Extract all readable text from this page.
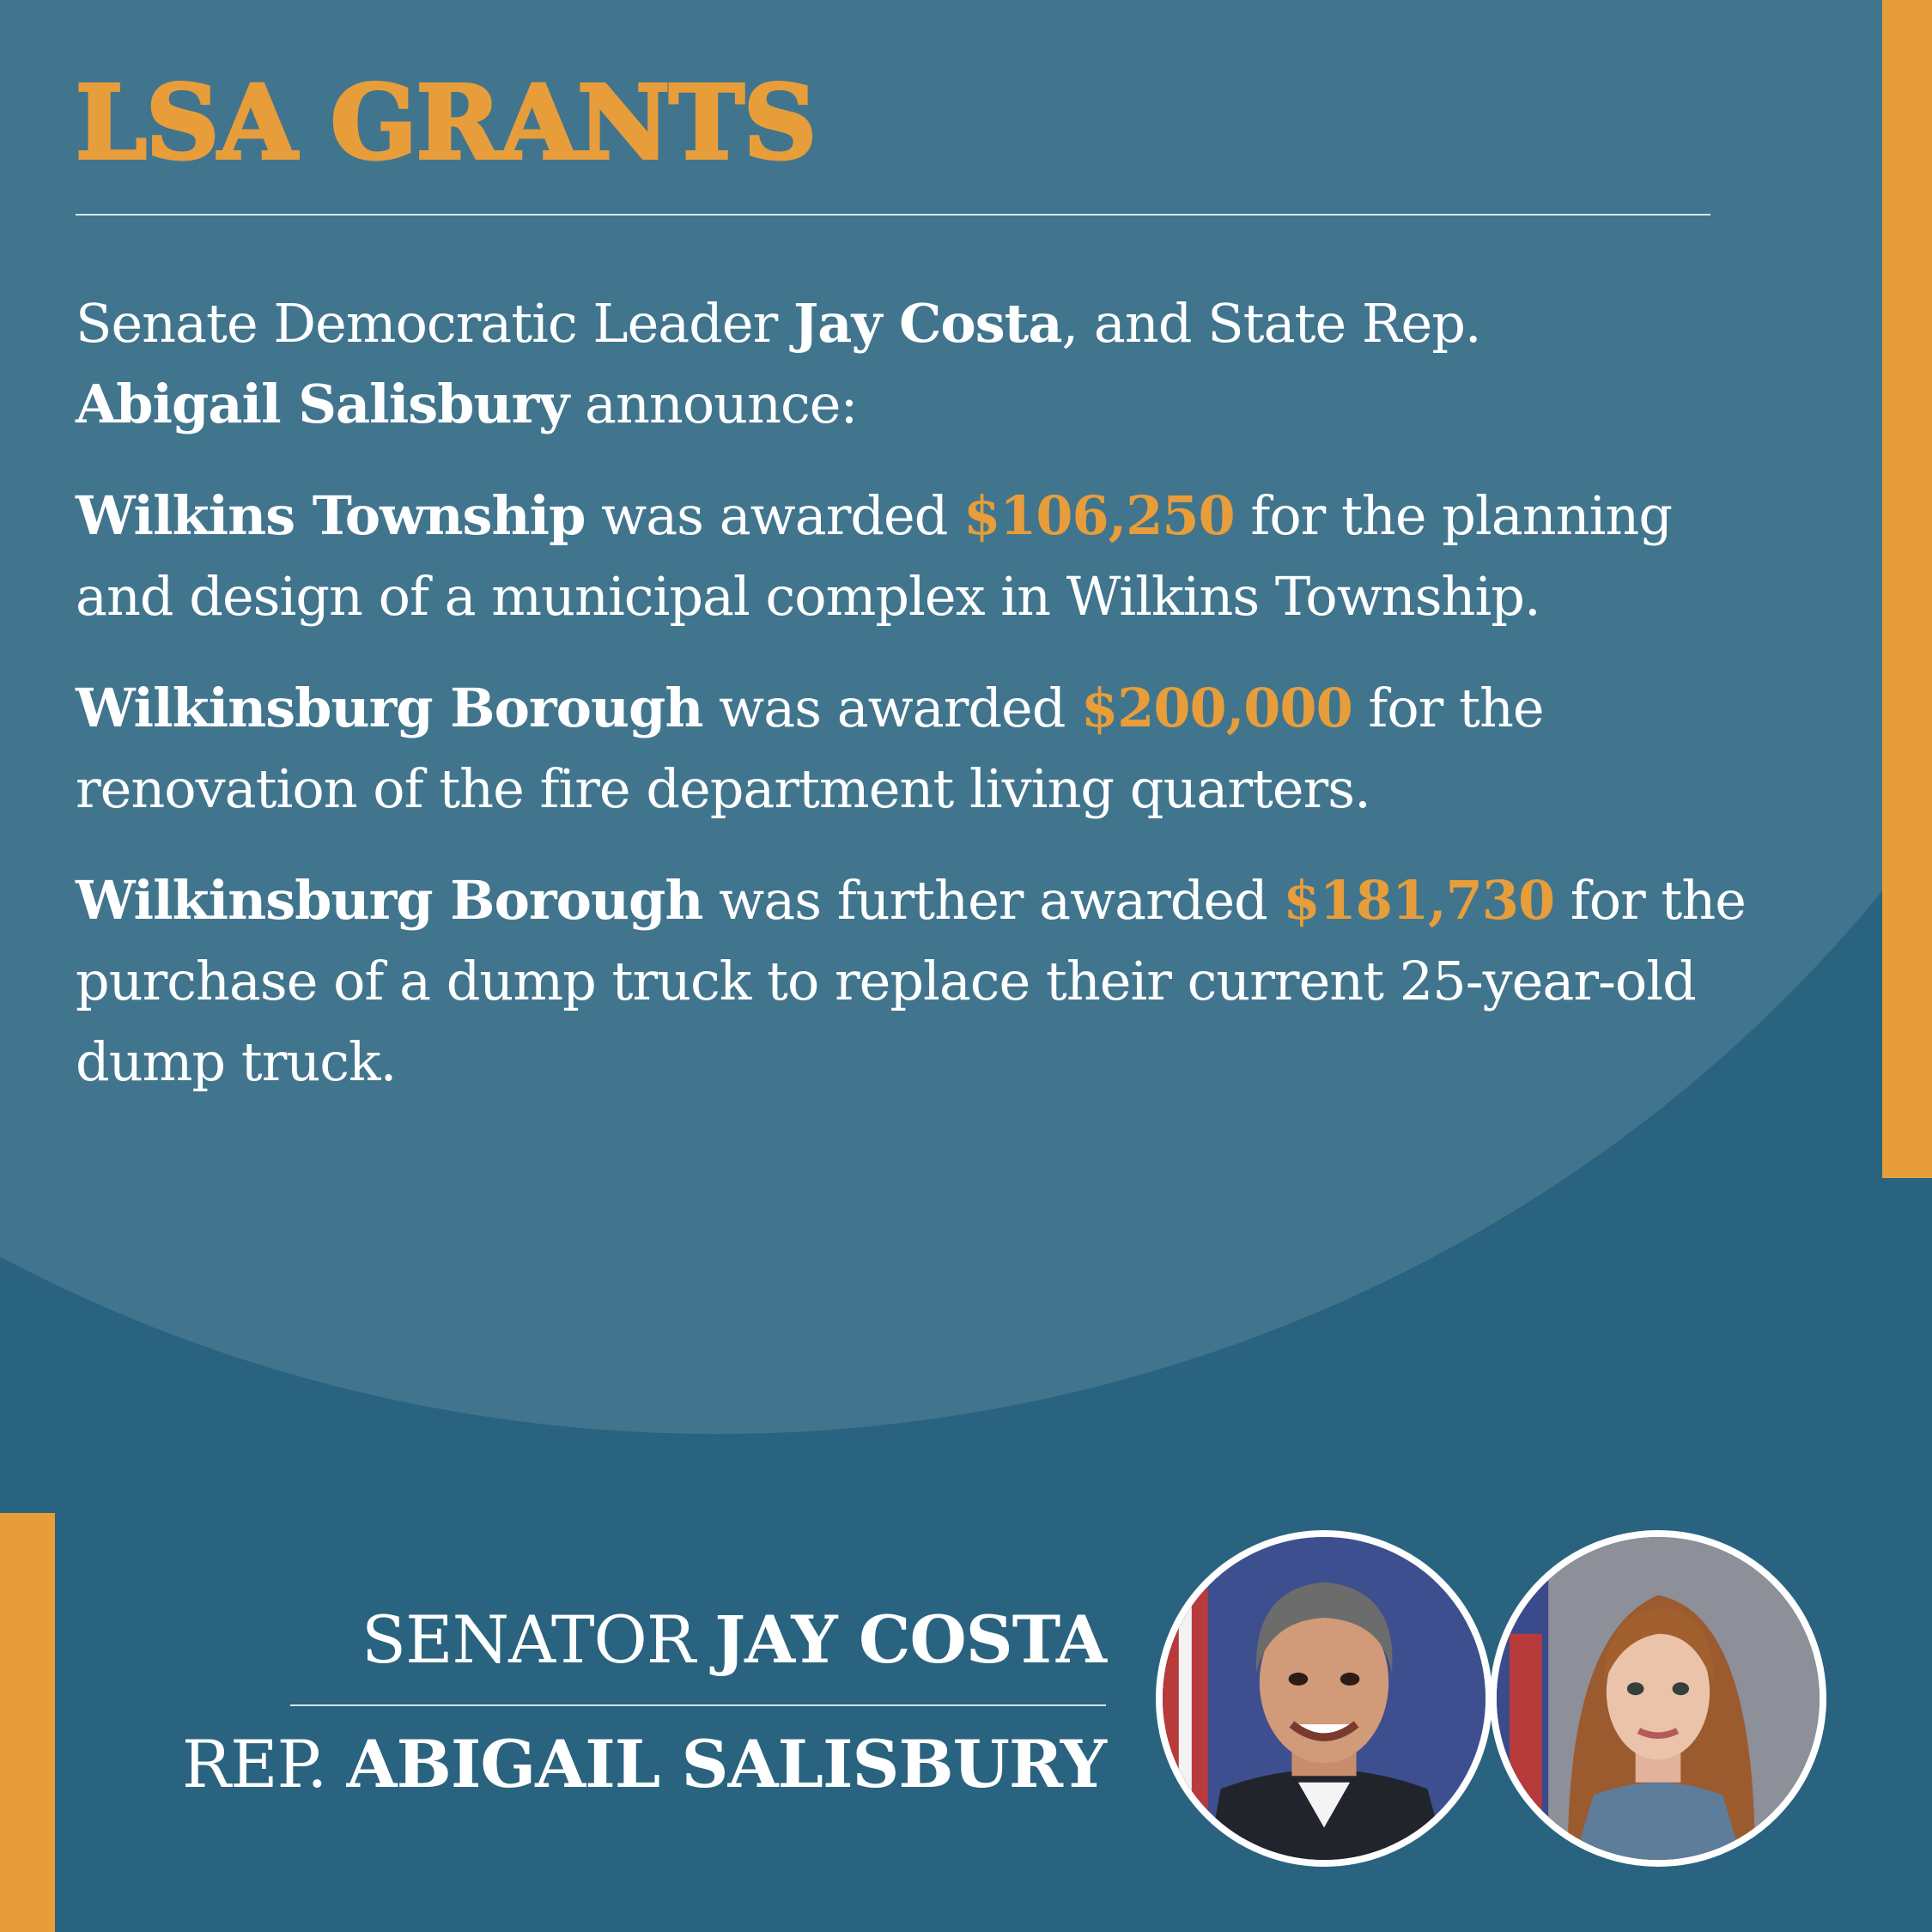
LSA GRANTS

Senate Democratic Leader Jay Costa, and State Rep.
Abigail Salisbury announce:

Wilkins Township was awarded $106,250 for the planning and design of a municipal complex in Wilkins Township.

Wilkinsburg Borough was awarded $200,000 for the renovation of the fire department living quarters.

Wilkinsburg Borough was further awarded $181,730 for the purchase of a dump truck to replace their current 25-year-old dump truck.

SENATOR JAY COSTA
REP. ABIGAIL SALISBURY
